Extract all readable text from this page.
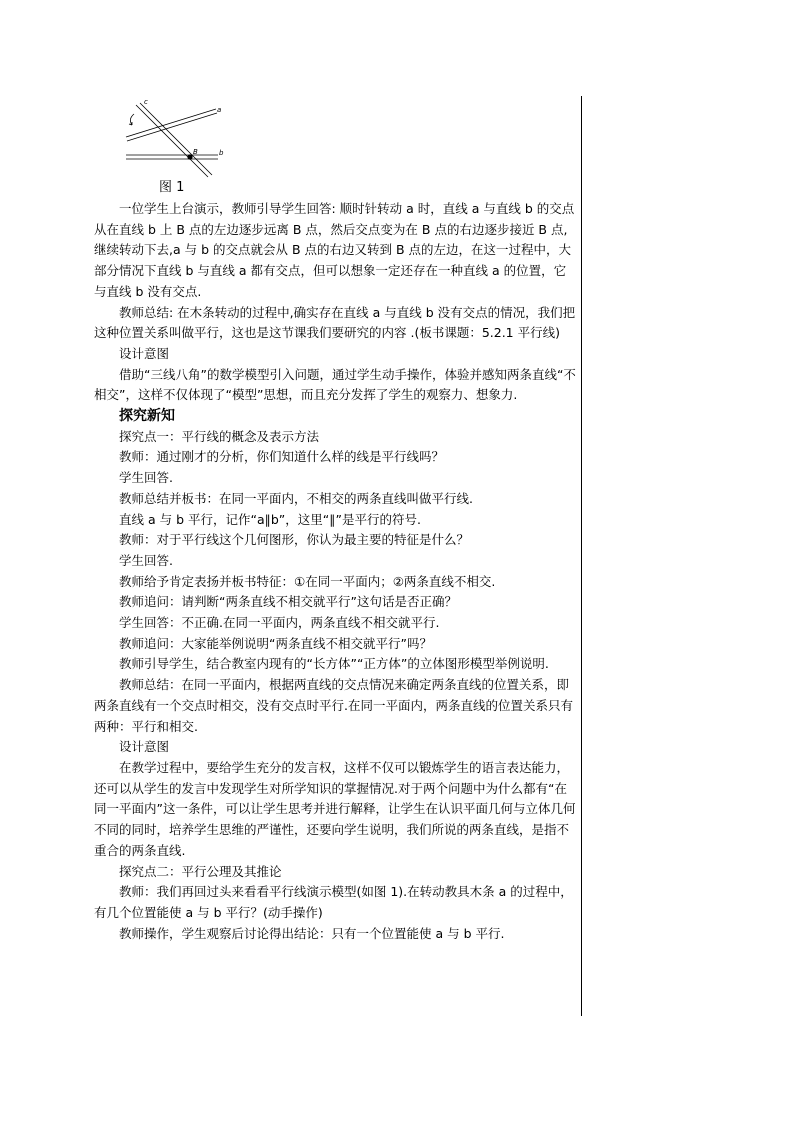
c
a
b
B
图 1

一位学生上台演示，教师引导学生回答: 顺时针转动 a 时，直线 a 与直线 b 的交点从在直线 b 上 B 点的左边逐步远离 B 点，然后交点变为在 B 点的右边逐步接近 B 点,继续转动下去,a 与 b 的交点就会从 B 点的右边又转到 B 点的左边，在这一过程中，大部分情况下直线 b 与直线 a 都有交点，但可以想象一定还存在一种直线 a 的位置，它与直线 b 没有交点.

教师总结: 在木条转动的过程中,确实存在直线 a 与直线 b 没有交点的情况，我们把这种位置关系叫做平行，这也是这节课我们要研究的内容 .(板书课题：5.2.1 平行线)

设计意图

借助“三线八角”的数学模型引入问题，通过学生动手操作，体验并感知两条直线“不相交”，这样不仅体现了“模型”思想，而且充分发挥了学生的观察力、想象力.

探究新知

探究点一：平行线的概念及表示方法

教师：通过刚才的分析，你们知道什么样的线是平行线吗？

学生回答.

教师总结并板书：在同一平面内，不相交的两条直线叫做平行线.

直线 a 与 b 平行，记作“a∥b”，这里“∥”是平行的符号.

教师：对于平行线这个几何图形，你认为最主要的特征是什么？

学生回答.

教师给予肯定表扬并板书特征：①在同一平面内；②两条直线不相交.

教师追问：请判断“两条直线不相交就平行”这句话是否正确？

学生回答：不正确.在同一平面内，两条直线不相交就平行.

教师追问：大家能举例说明“两条直线不相交就平行”吗？

教师引导学生，结合教室内现有的“长方体”“正方体”的立体图形模型举例说明.

教师总结：在同一平面内，根据两直线的交点情况来确定两条直线的位置关系，即两条直线有一个交点时相交，没有交点时平行.在同一平面内，两条直线的位置关系只有两种：平行和相交.

设计意图

在教学过程中，要给学生充分的发言权，这样不仅可以锻炼学生的语言表达能力，还可以从学生的发言中发现学生对所学知识的掌握情况.对于两个问题中为什么都有“在同一平面内”这一条件，可以让学生思考并进行解释，让学生在认识平面几何与立体几何不同的同时，培养学生思维的严谨性，还要向学生说明，我们所说的两条直线，是指不重合的两条直线.

探究点二：平行公理及其推论

教师：我们再回过头来看看平行线演示模型(如图 1).在转动教具木条 a 的过程中，有几个位置能使 a 与 b 平行？(动手操作)

教师操作，学生观察后讨论得出结论：只有一个位置能使 a 与 b 平行.
